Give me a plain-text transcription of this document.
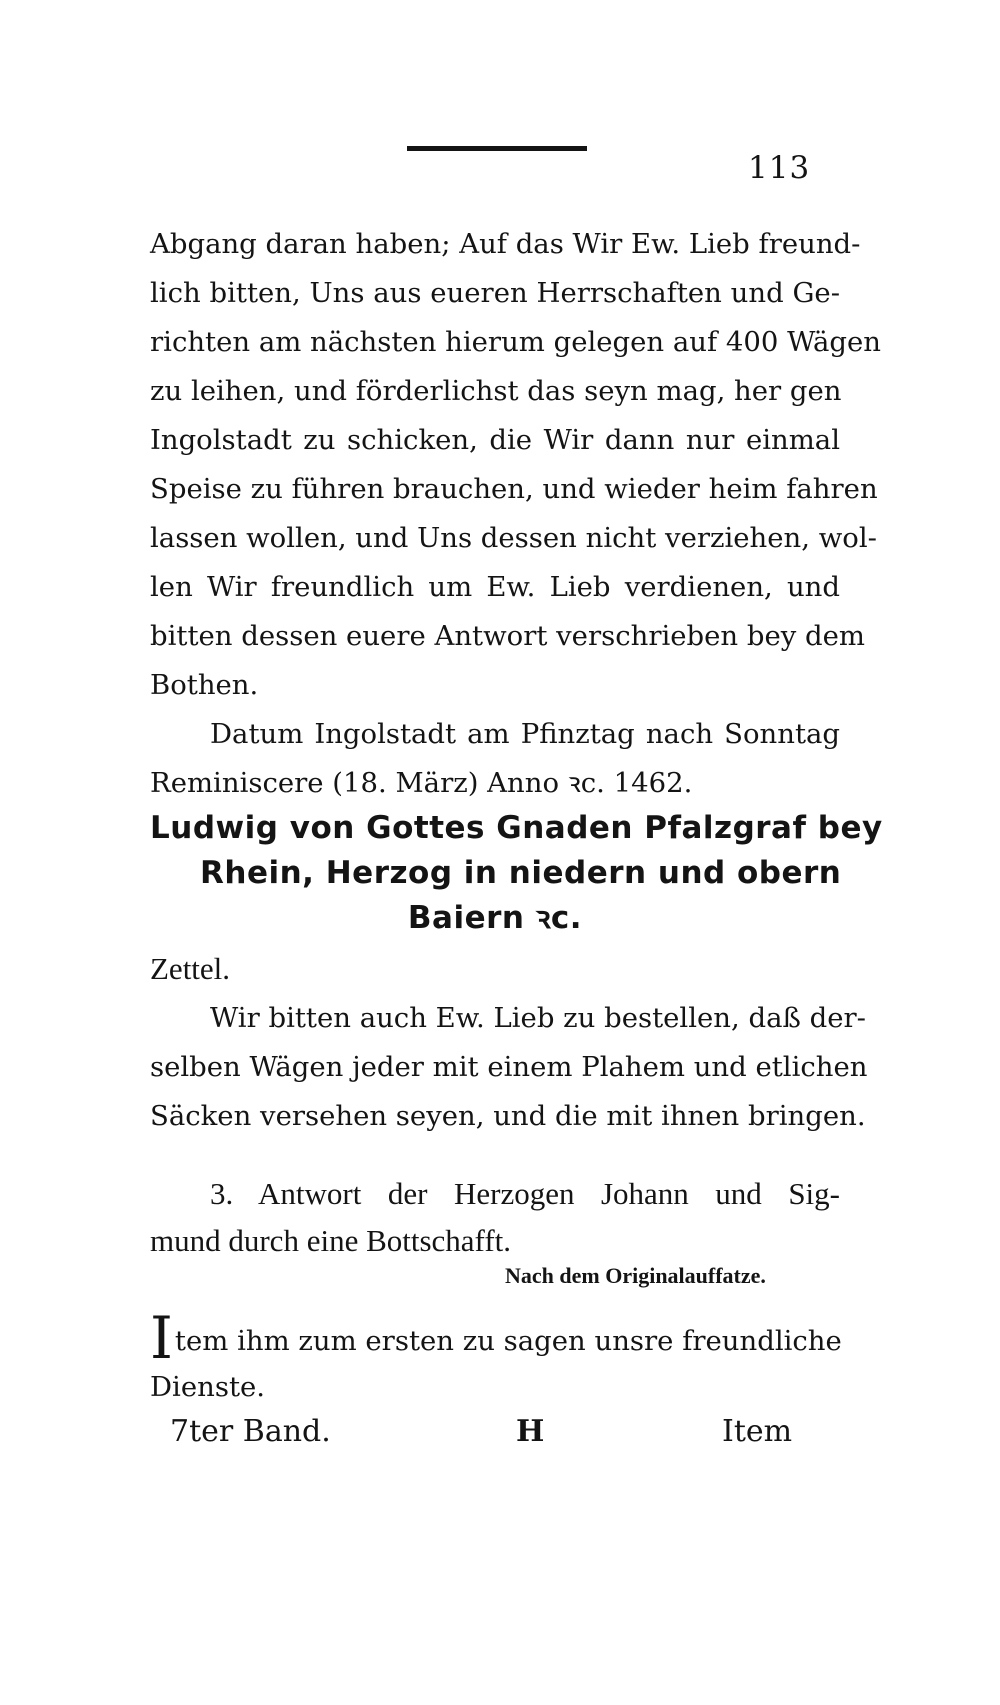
113

Abgang daran haben; Auf das Wir Ew. Lieb freund-

lich bitten, Uns aus eueren Herrschaften und Ge-

richten am nächsten hierum gelegen auf 400 Wägen

zu leihen, und förderlichst das seyn mag, her gen

Ingolstadt zu schicken, die Wir dann nur einmal

Speise zu führen brauchen, und wieder heim fahren

lassen wollen, und Uns dessen nicht verziehen, wol-

len Wir freundlich um Ew. Lieb verdienen, und

bitten dessen euere Antwort verschrieben bey dem

Bothen.

Datum Ingolstadt am Pfinztag nach Sonntag

Reminiscere (18. März) Anno ꝛc. 1462.

Ludwig von Gottes Gnaden Pfalzgraf bey
Rhein, Herzog in niedern und obern
Baiern ꝛc.
Zettel.

Wir bitten auch Ew. Lieb zu bestellen, daß der-

selben Wägen jeder mit einem Plahem und etlichen

Säcken versehen seyen, und die mit ihnen bringen.

3. Antwort der Herzogen Johann und Sig-
mund durch eine Bottschafft.
Nach dem Originalauffatze.

Item ihm zum ersten zu sagen unsre freundliche

Dienste.

7ter Band.	H	Item
